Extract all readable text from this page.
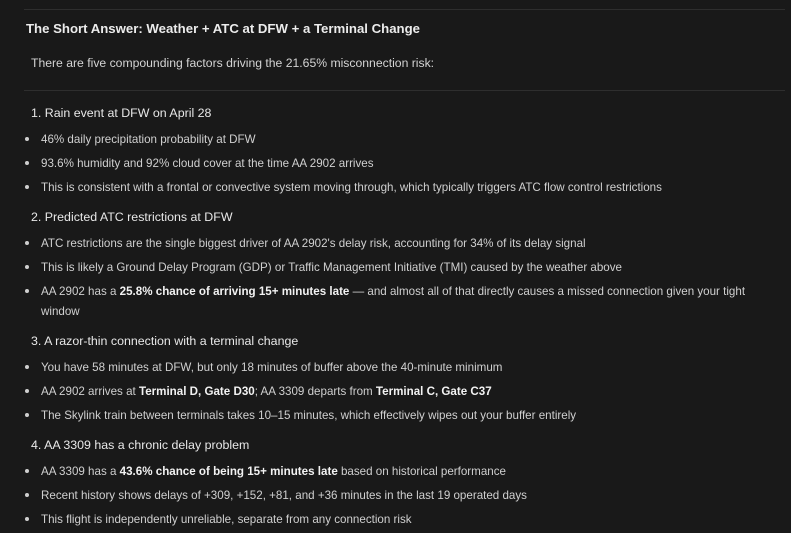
The Short Answer: Weather + ATC at DFW + a Terminal Change
There are five compounding factors driving the 21.65% misconnection risk:
1. Rain event at DFW on April 28
46% daily precipitation probability at DFW
93.6% humidity and 92% cloud cover at the time AA 2902 arrives
This is consistent with a frontal or convective system moving through, which typically triggers ATC flow control restrictions
2. Predicted ATC restrictions at DFW
ATC restrictions are the single biggest driver of AA 2902's delay risk, accounting for 34% of its delay signal
This is likely a Ground Delay Program (GDP) or Traffic Management Initiative (TMI) caused by the weather above
AA 2902 has a 25.8% chance of arriving 15+ minutes late — and almost all of that directly causes a missed connection given your tight window
3. A razor-thin connection with a terminal change
You have 58 minutes at DFW, but only 18 minutes of buffer above the 40-minute minimum
AA 2902 arrives at Terminal D, Gate D30; AA 3309 departs from Terminal C, Gate C37
The Skylink train between terminals takes 10–15 minutes, which effectively wipes out your buffer entirely
4. AA 3309 has a chronic delay problem
AA 3309 has a 43.6% chance of being 15+ minutes late based on historical performance
Recent history shows delays of +309, +152, +81, and +36 minutes in the last 19 operated days
This flight is independently unreliable, separate from any connection risk
